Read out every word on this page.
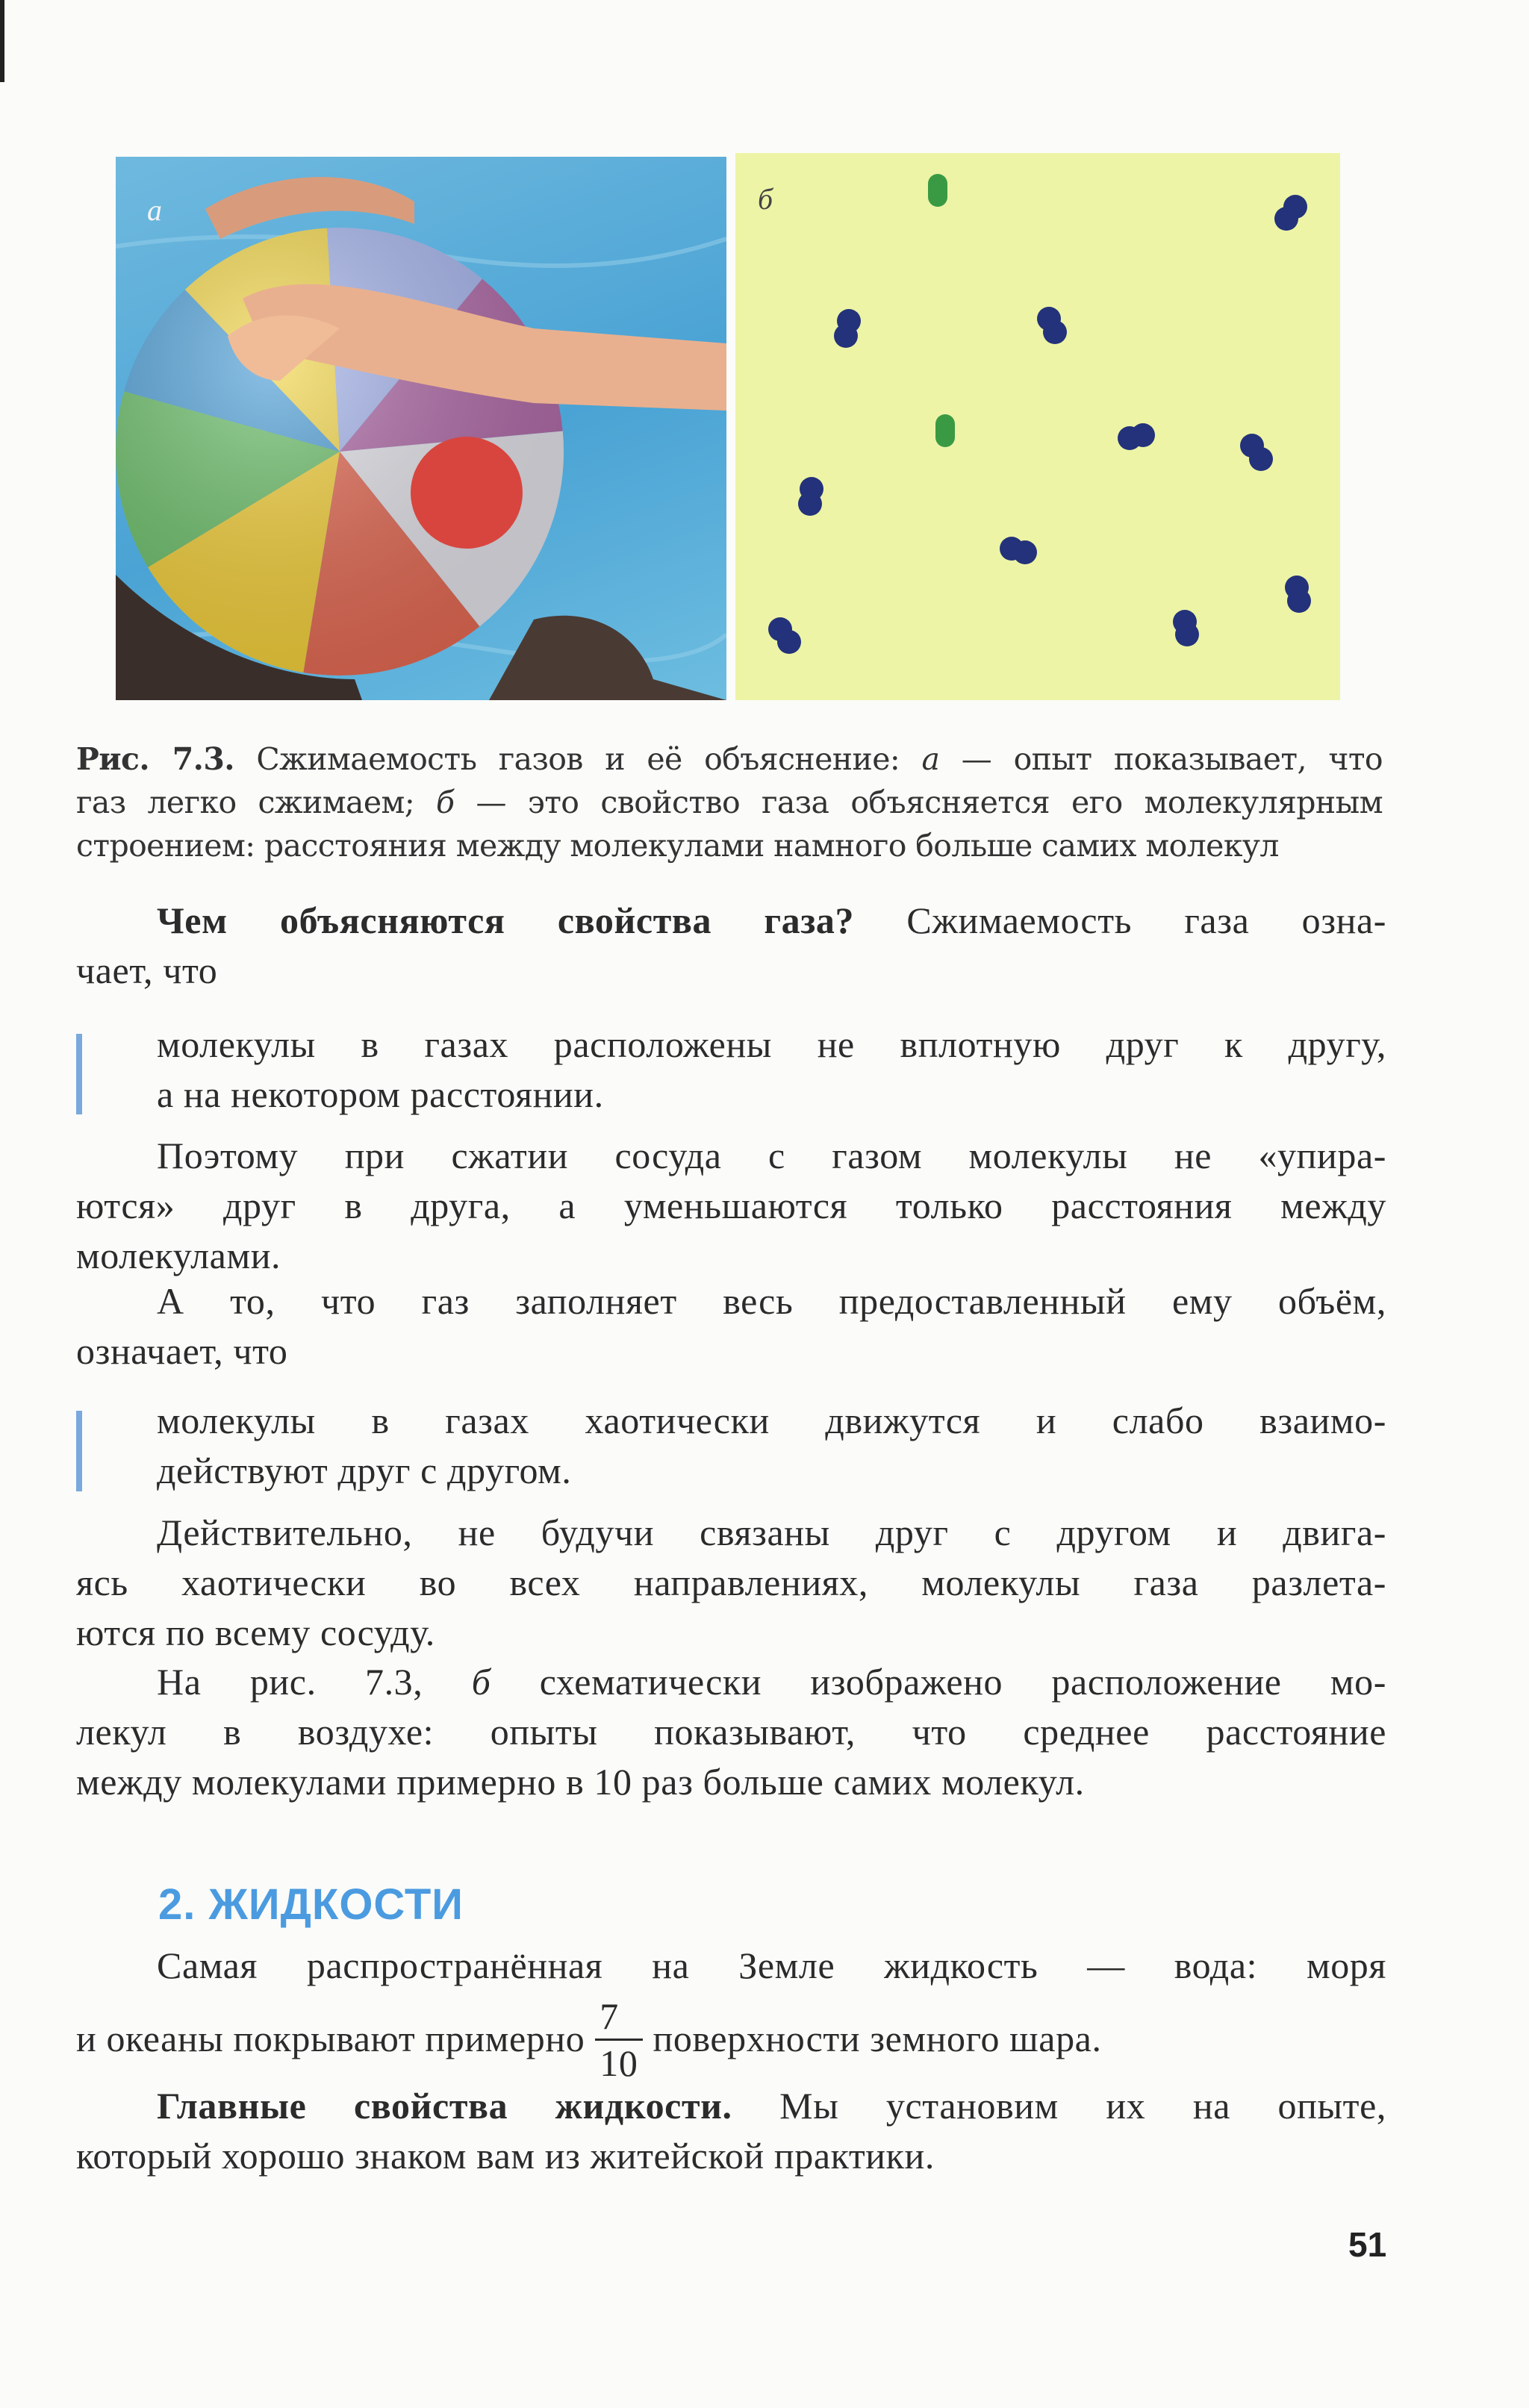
а	б
Рис. 7.3. Сжимаемость газов и её объяснение: а — опыт показывает, что
газ легко сжимаем; б — это свойство газа объясняется его молекулярным
строением: расстояния между молекулами намного больше самих молекул
Чем объясняются свойства газа? Сжимаемость газа озна-
чает, что
молекулы в газах расположены не вплотную друг к другу,
а на некотором расстоянии.
Поэтому при сжатии сосуда с газом молекулы не «упира-
ются» друг в друга, а уменьшаются только расстояния между
молекулами.
А то, что газ заполняет весь предоставленный ему объём,
означает, что
молекулы в газах хаотически движутся и слабо взаимо-
действуют друг с другом.
Действительно, не будучи связаны друг с другом и двига-
ясь хаотически во всех направлениях, молекулы газа разлета-
ются по всему сосуду.
На рис. 7.3, б схематически изображено расположение мо-
лекул в воздухе: опыты показывают, что среднее расстояние
между молекулами примерно в 10 раз больше самих молекул.
Самая распространённая на Земле жидкость — вода: моря
и океаны покрывают примерно $\frac{7}{10}$ поверхности земного шара.
Главные свойства жидкости. Мы установим их на опыте,
который хорошо знаком вам из житейской практики.
2. ЖИДКОСТИ
51
